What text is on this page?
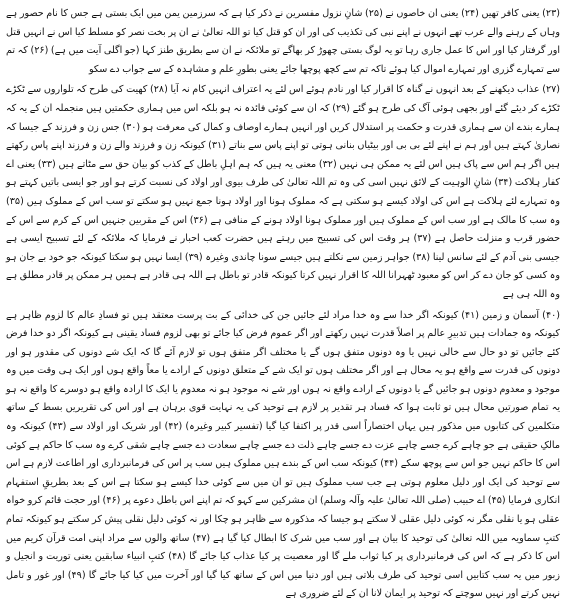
(۲۳) یعنی کافر تھیں (۲۴) یعنی ان خاصوں نے (۲۵) شانِ نزول مفسرین نے ذکر کیا ہے کہ سرزمین یمن میں ایک بستی ہے جس کا نام حصور ہے وہاں کے رہنے والے عرب تھے انہوں نے اپنے نبی کی تکذیب کی اور ان کو قتل کیا تو اللہ تعالیٰ نے ان پر بخت نصر کو مسلط کیا اس نے انہیں قتل اور گرفتار کیا اور اس کا عمل جاری رہا تو یہ لوگ بستی چھوڑ کر بھاگے تو ملائکہ نے ان سے بطریق طنز کہا (جو اگلی آیت میں ہے) (۲۶) کہ تم سے تمہارے گزری اور تمہارے اموال کیا ہوئے تاکہ تم سے کچھ پوچھا جائے یعنی بطورِ علم و مشاہدہ کے سے جواب دے سکو

(۲۷) عذاب دیکھنے کے بعد انہوں نے گناہ کا اقرار کیا اور نادم ہوئے اس لئے یہ اعتراف انہیں کام نہ آیا (۲۸) کھیت کی طرح کہ تلواروں سے ٹکڑے ٹکڑے کر دیئے گئے اور بجھی ہوئی آگ کی طرح ہو گئے (۲۹) کہ ان سے کوئی فائدہ نہ ہو بلکہ اس میں ہماری حکمتیں ہیں منجملہ ان کے یہ کہ ہمارے بندے ان سے ہماری قدرت و حکمت پر استدلال کریں اور انہیں ہمارے اوصاف و کمال کی معرفت ہو (۳۰) جس زن و فرزند کے جیسا کہ نصاریٰ کہتے ہیں اور ہم نے اپنے لئے بی بی اور بیٹیاں بنانی ہوتی تو اپنے پاس سے بناتے (۳۱) کیونکہ زن و فرزند والے زن و فرزند اپنے پاس رکھتے ہیں اگر ہم اس سے پاک ہیں اس لئے یہ ممکن ہی نہیں (۳۲) معنی یہ ہیں کہ ہم اہلِ باطل کے کذب کو بیان حق سے مٹاتے ہیں (۳۳) یعنی اے کفار ہلاکت (۳۴) شانِ الوہیت کے لائق نہیں اسی کی وہ تم اللہ تعالیٰ کی طرف بیوی اور اولاد کی نسبت کرتے ہو اور جو ایسی باتیں کہتے ہو وہ تمہارے لئے ہلاکت ہے اس کی اولاد کیسے ہو سکتی ہے کہ مملوک ہونا اور اولاد ہونا جمع نہیں ہو سکتے تو سب اس کے مملوک ہیں (۳۵) وہ سب کا مالک ہے اور سب اس کے مملوک ہیں اور مملوک ہونا اولاد ہونے کے منافی ہے (۳۶) اس کے مقربین جنہیں اس کے کرم سے اس کے حضور قرب و منزلت حاصل ہے (۳۷) ہر وقت اس کی تسبیح میں رہتے ہیں حضرت کعب احبار نے فرمایا کہ ملائکہ کے لئے تسبیح ایسی ہے جیسی بنی آدم کے لئے سانس لینا (۳۸) جواہر زمین سے نکلتے ہیں جیسے سونا چاندی وغیرہ (۳۹) ایسا نہیں ہو سکتا کیونکہ جو خود بے جان ہو وہ کسی کو جان دے کر اس کو معبود ٹھہرانا اللہ کا اقرار نہیں کرتا کیونکہ قادر تو باطل ہے اللہ ہی قادر ہے ہمیں ہر ممکن پر قادر مطلق ہے وہ اللہ ہی ہے

(۴۰) آسمان و زمین (۴۱) کیونکہ اگر خدا سے وہ خدا مراد لئے جائیں جن کی خدائی کے بت پرست معتقد ہیں تو فسادِ عالم کا لزوم ظاہر ہے کیونکہ وہ جمادات ہیں تدبیرِ عالم پر اصلاً قدرت نہیں رکھتے اور اگر عموم فرض کیا جائے تو بھی لزوم فساد یقینی ہے کیونکہ اگر دو خدا فرض کئے جائیں تو دو حال سے خالی نہیں یا وہ دونوں متفق ہوں گے یا مختلف اگر متفق ہوں تو لازم آئے گا کہ ایک شے دونوں کی مقدور ہو اور دونوں کی قدرت سے واقع ہو یہ محال ہے اور اگر مختلف ہوں تو ایک شے کے متعلق دونوں کے ارادے یا معاً واقع ہوں اور ایک ہی وقت میں وہ موجود و معدوم دونوں ہو جائیں گے یا دونوں کے ارادے واقع نہ ہوں اور شے نہ موجود ہو نہ معدوم یا ایک کا ارادہ واقع ہو دوسرے کا واقع نہ ہو یہ تمام صورتیں محال ہیں تو ثابت ہوا کہ فساد ہر تقدیر پر لازم ہے توحید کی یہ نہایت قوی برہان ہے اور اس کی تقریریں بسط کے ساتھ متکلمین کی کتابوں میں مذکور ہیں یہاں اختصاراً اسی قدر پر اکتفا کیا گیا (تفسیر کبیر وغیرہ) (۴۲) اور شریک اور اولاد سے (۴۳) کیونکہ وہ مالکِ حقیقی ہے جو چاہے کرے جسے چاہے عزت دے جسے چاہے ذلت دے جسے چاہے سعادت دے جسے چاہے شقی کرے وہ سب کا حاکم ہے کوئی اس کا حاکم نہیں جو اس سے پوچھ سکے (۴۴) کیونکہ سب اس کے بندے ہیں مملوک ہیں سب پر اس کی فرمانبرداری اور اطاعت لازم ہے اس سے توحید کی ایک اور دلیل معلوم ہوتی ہے جب سب مملوک ہیں تو ان میں سے کوئی خدا کیسے ہو سکتا ہے اس کے بعد بطریقِ استفہام انکاری فرمایا (۴۵) اے حبیب (صلی اللہ تعالیٰ علیہ وآلہ وسلم) ان مشرکین سے کہو کہ تم اپنے اس باطل دعوے پر (۴۶) اور حجت قائم کرو خواہ عقلی ہو یا نقلی مگر نہ کوئی دلیل عقلی لا سکتے ہو جیسا کہ مذکورہ سے ظاہر ہو چکا اور نہ کوئی دلیل نقلی پیش کر سکتے ہو کیونکہ تمام کتبِ سماویہ میں اللہ تعالیٰ کی توحید کا بیان ہے اور سب میں شرک کا ابطال کیا گیا ہے (۴۷) ساتھ والوں سے مراد اپنی امت قرآن کریم میں اس کا ذکر ہے کہ اس کی فرمانبرداری پر کیا ثواب ملے گا اور معصیت پر کیا عذاب کیا جائے گا (۴۸) کتبِ انبیاء سابقین یعنی توریت و انجیل و زبور میں یہ سب کتابیں اسی توحید کی طرف بلاتی ہیں اور دنیا میں اس کے ساتھ کیا گیا اور آخرت میں کیا کیا جائے گا (۴۹) اور غور و تامل نہیں کرتے اور نہیں سوچتے کہ توحید پر ایمان لانا ان کے لئے ضروری ہے
